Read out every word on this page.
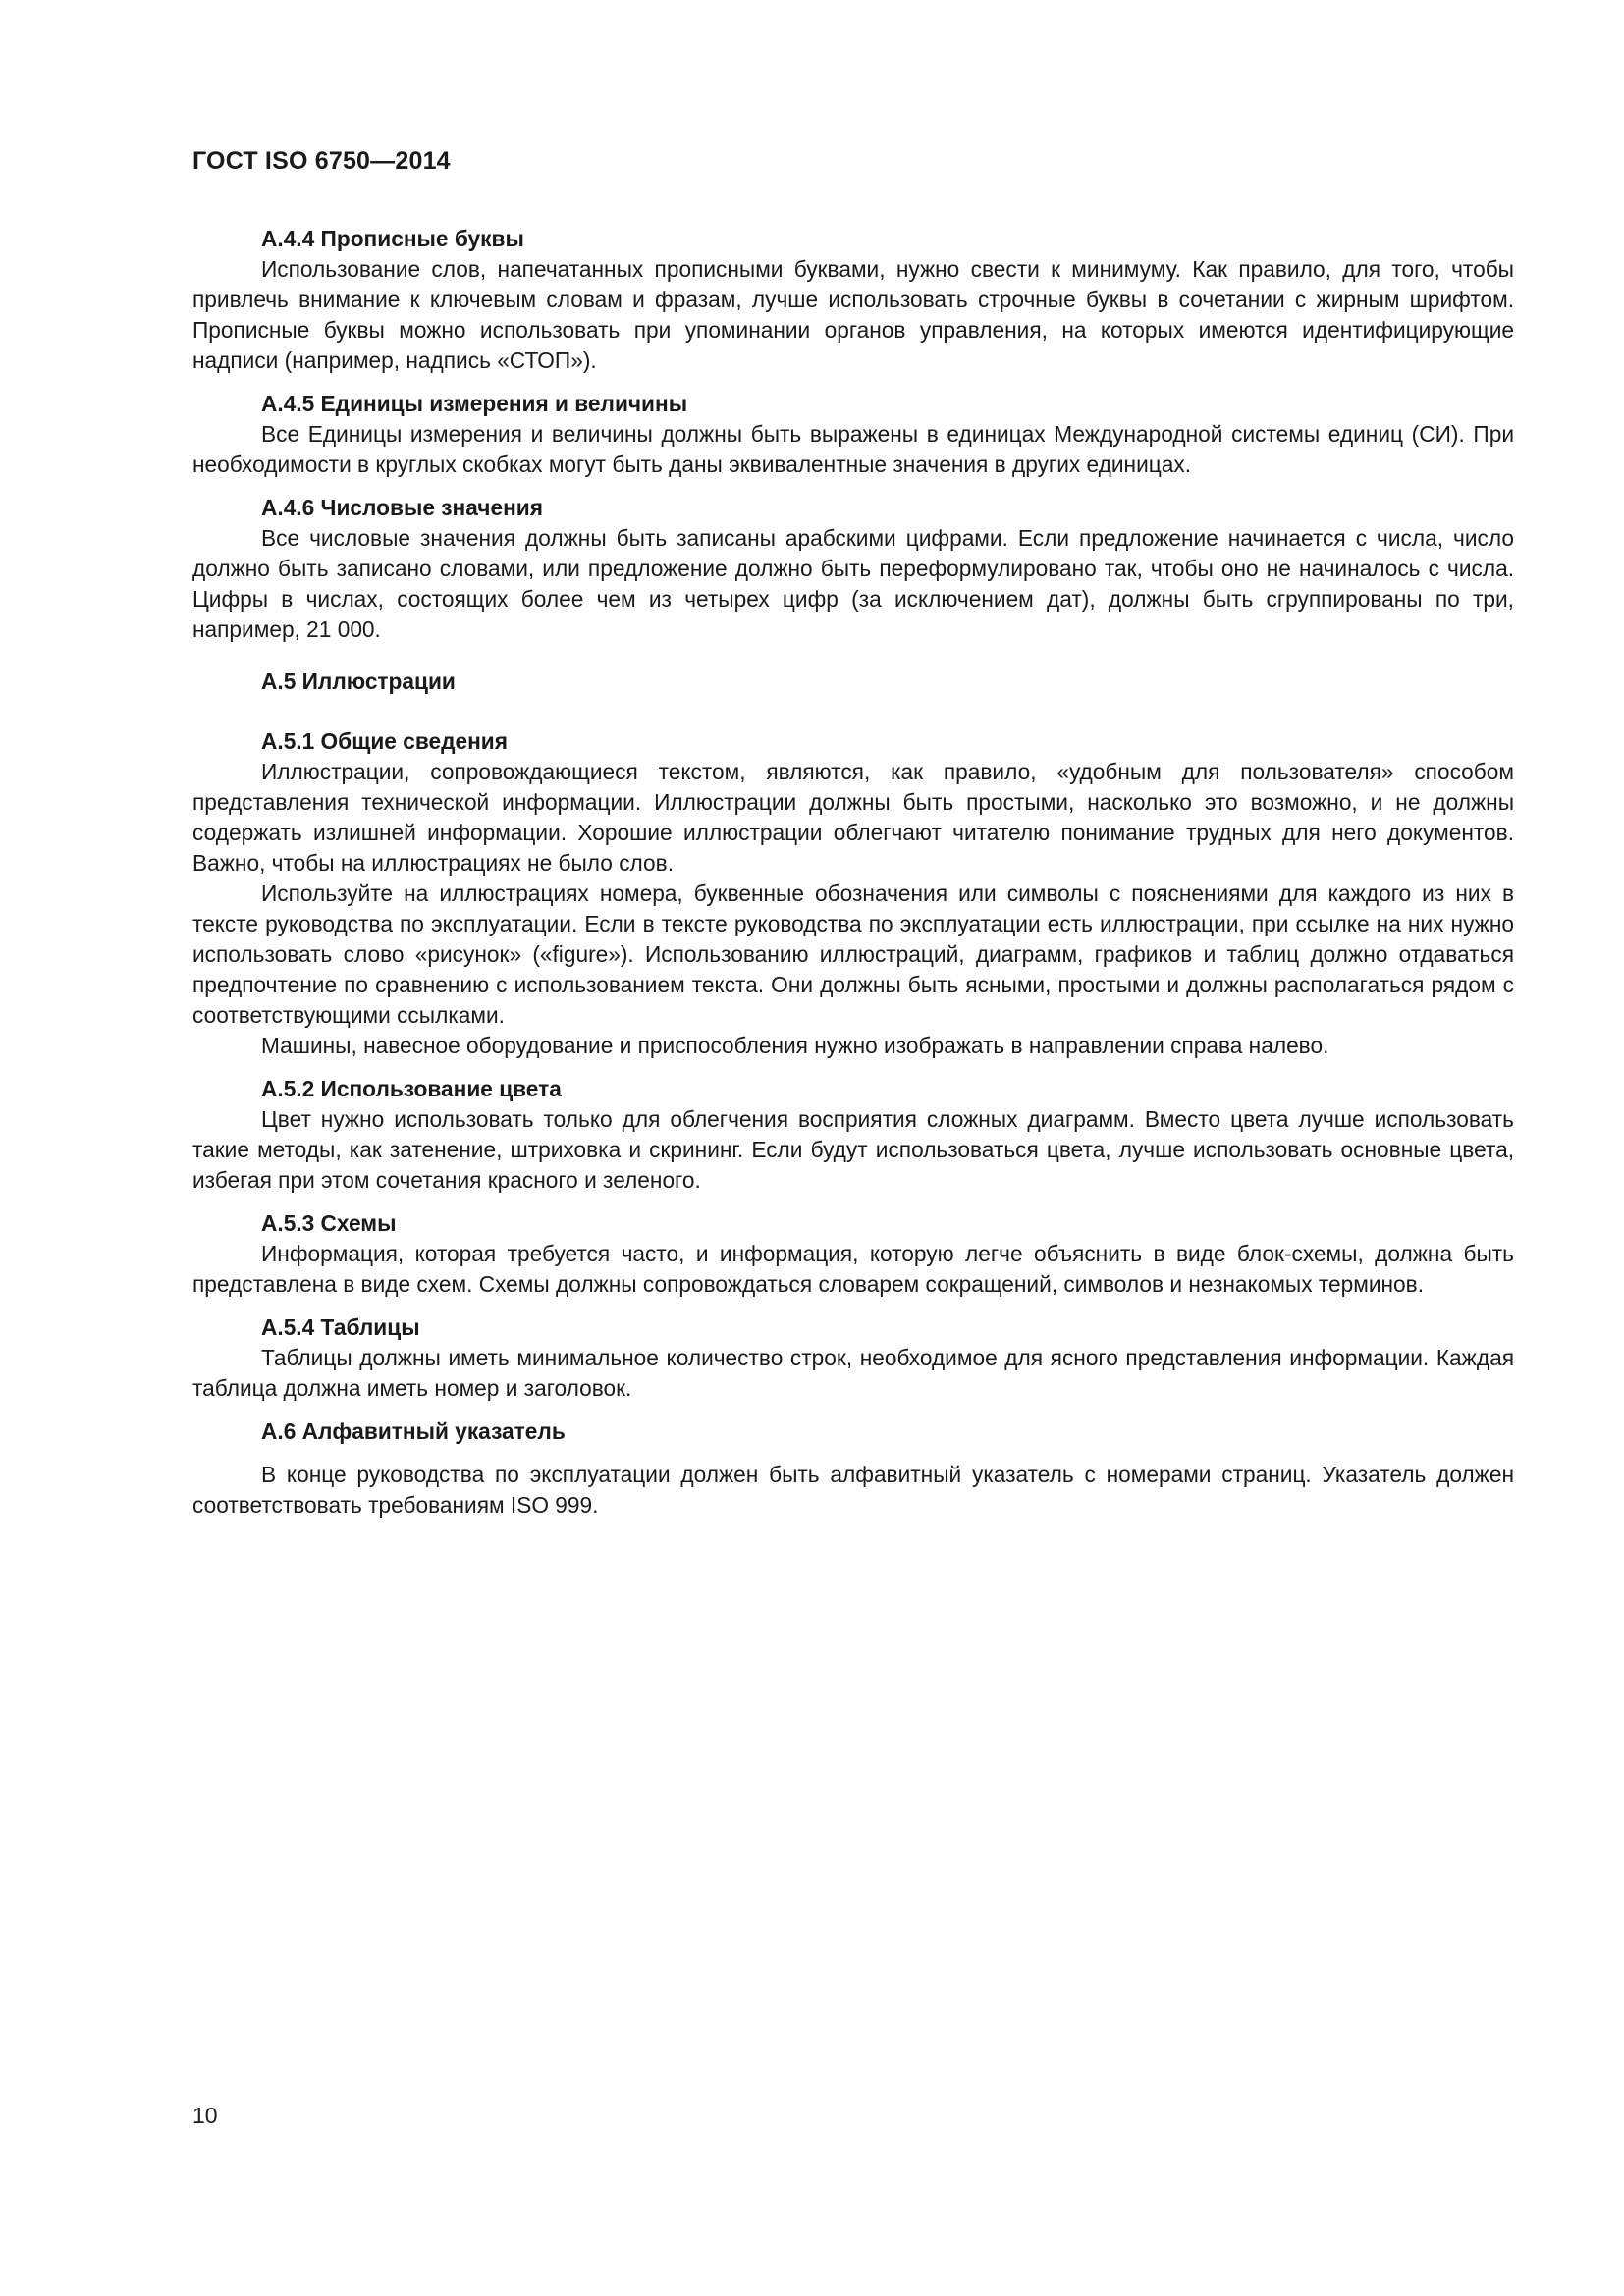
ГОСТ ISO 6750—2014

А.4.4 Прописные буквы

Использование слов, напечатанных прописными буквами, нужно свести к минимуму. Как правило, для того, чтобы привлечь внимание к ключевым словам и фразам, лучше использовать строчные буквы в сочетании с жирным шрифтом. Прописные буквы можно использовать при упоминании органов управления, на которых имеются идентифицирующие надписи (например, надпись «СТОП»).

А.4.5 Единицы измерения и величины

Все Единицы измерения и величины должны быть выражены в единицах Международной системы единиц (СИ). При необходимости в круглых скобках могут быть даны эквивалентные значения в других единицах.

А.4.6 Числовые значения

Все числовые значения должны быть записаны арабскими цифрами. Если предложение начинается с числа, число должно быть записано словами, или предложение должно быть переформулировано так, чтобы оно не начиналось с числа. Цифры в числах, состоящих более чем из четырех цифр (за исключением дат), должны быть сгруппированы по три, например, 21 000.

А.5 Иллюстрации

А.5.1 Общие сведения

Иллюстрации, сопровождающиеся текстом, являются, как правило, «удобным для пользователя» способом представления технической информации. Иллюстрации должны быть простыми, насколько это возможно, и не должны содержать излишней информации. Хорошие иллюстрации облегчают читателю понимание трудных для него документов. Важно, чтобы на иллюстрациях не было слов.

Используйте на иллюстрациях номера, буквенные обозначения или символы с пояснениями для каждого из них в тексте руководства по эксплуатации. Если в тексте руководства по эксплуатации есть иллюстрации, при ссылке на них нужно использовать слово «рисунок» («figure»). Использованию иллюстраций, диаграмм, графиков и таблиц должно отдаваться предпочтение по сравнению с использованием текста. Они должны быть ясными, простыми и должны располагаться рядом с соответствующими ссылками.

Машины, навесное оборудование и приспособления нужно изображать в направлении справа налево.

А.5.2 Использование цвета

Цвет нужно использовать только для облегчения восприятия сложных диаграмм. Вместо цвета лучше использовать такие методы, как затенение, штриховка и скрининг. Если будут использоваться цвета, лучше использовать основные цвета, избегая при этом сочетания красного и зеленого.

А.5.3 Схемы

Информация, которая требуется часто, и информация, которую легче объяснить в виде блок-схемы, должна быть представлена в виде схем. Схемы должны сопровождаться словарем сокращений, символов и незнакомых терминов.

А.5.4 Таблицы

Таблицы должны иметь минимальное количество строк, необходимое для ясного представления информации. Каждая таблица должна иметь номер и заголовок.

А.6 Алфавитный указатель

В конце руководства по эксплуатации должен быть алфавитный указатель с номерами страниц. Указатель должен соответствовать требованиям ISO 999.

10
